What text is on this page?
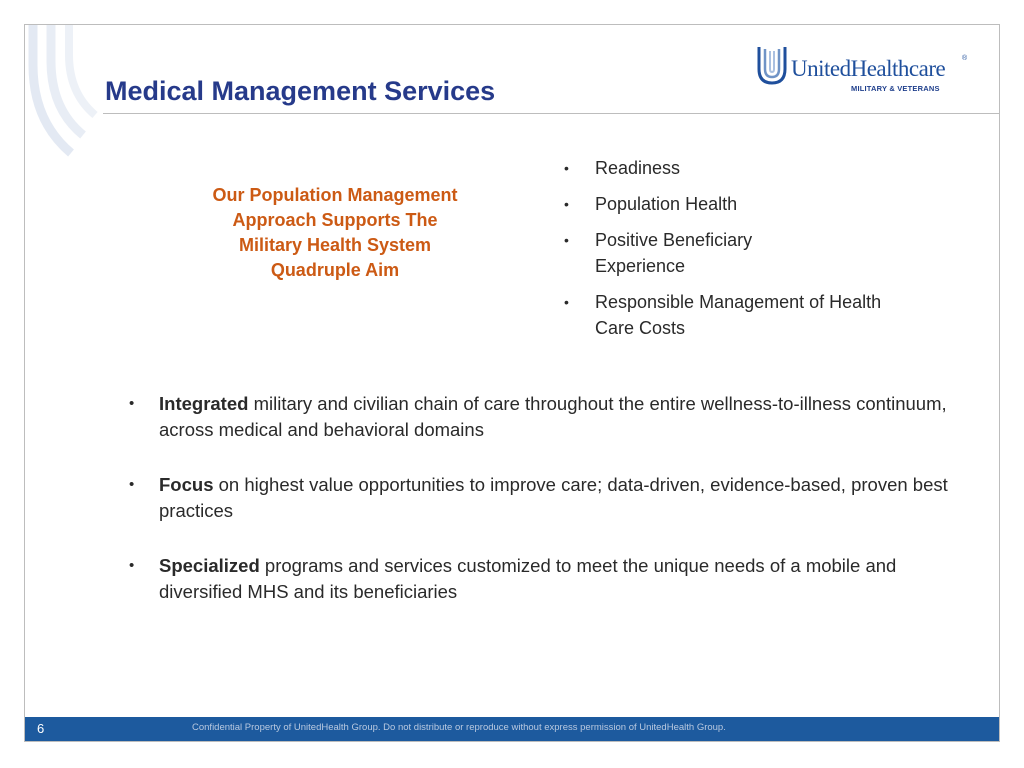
Medical Management Services
UnitedHealthcare ®
MILITARY & VETERANS
Our Population Management
Approach Supports The
Military Health System
Quadruple Aim
• Readiness
• Population Health
• Positive Beneficiary Experience
• Responsible Management of Health Care Costs
• Integrated military and civilian chain of care throughout the entire wellness-to-illness continuum, across medical and behavioral domains
• Focus on highest value opportunities to improve care; data-driven, evidence-based, proven best practices
• Specialized programs and services customized to meet the unique needs of a mobile and diversified MHS and its beneficiaries
6	Confidential Property of UnitedHealth Group. Do not distribute or reproduce without express permission of UnitedHealth Group.
